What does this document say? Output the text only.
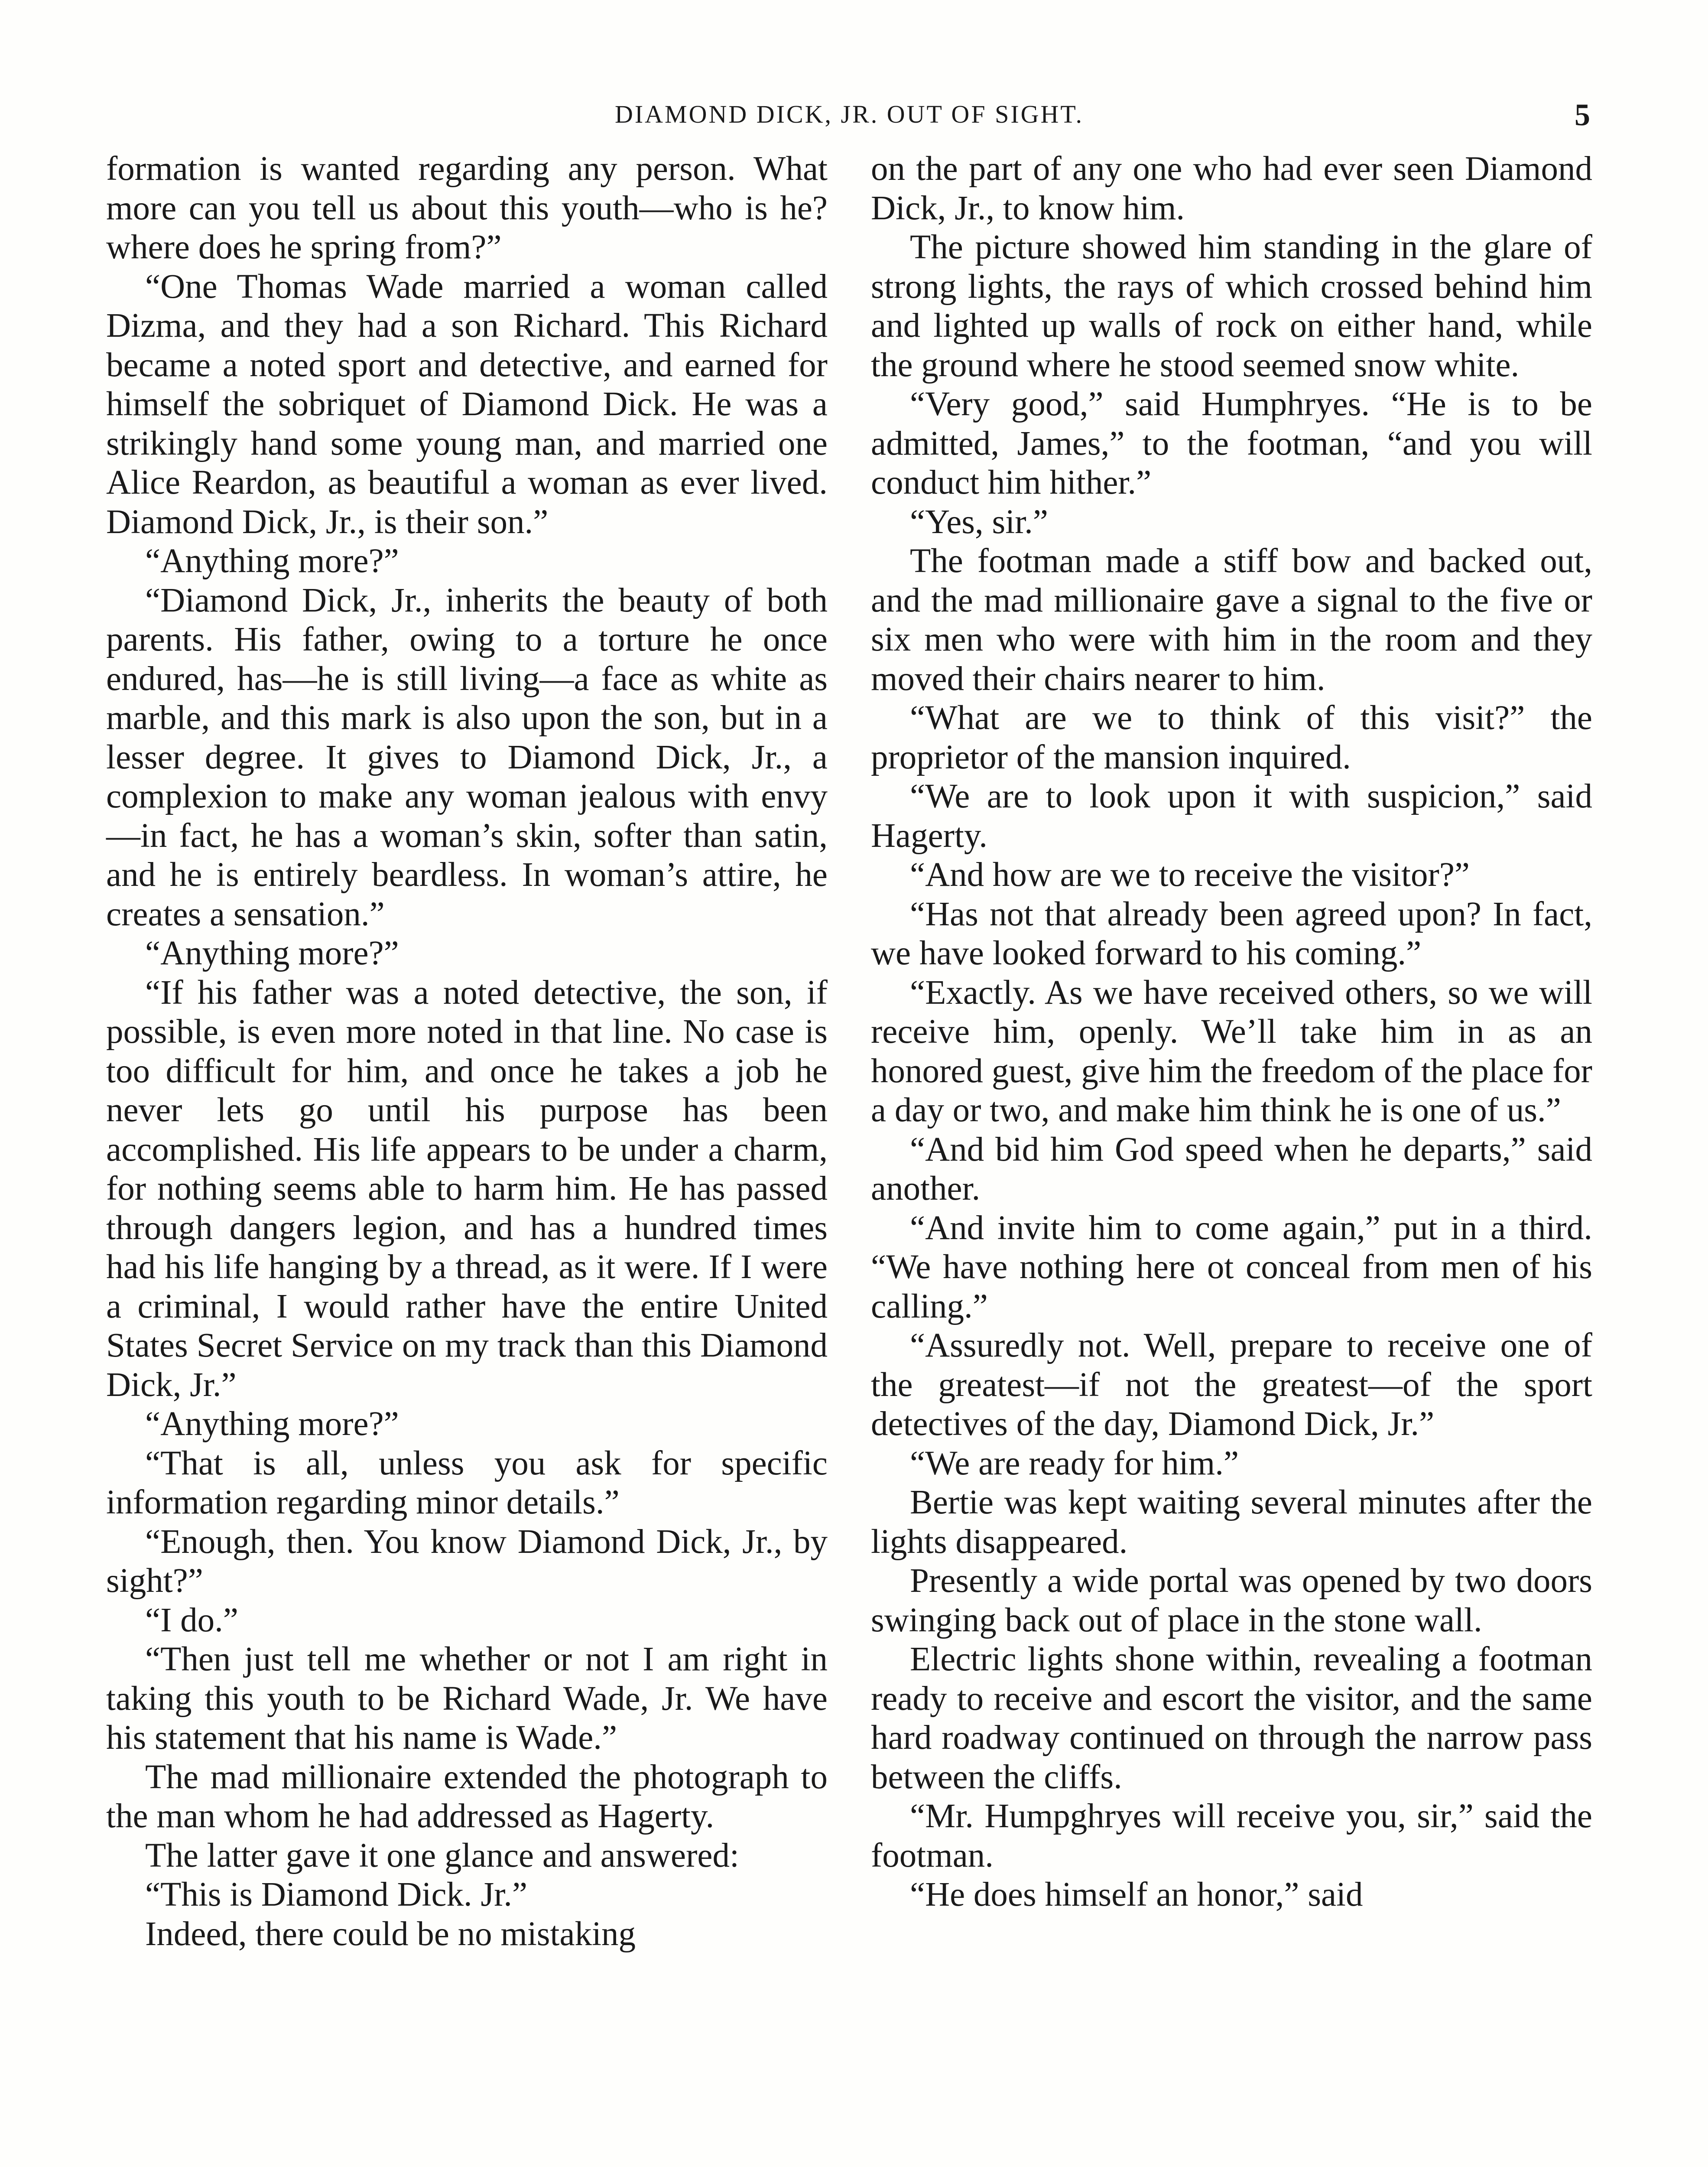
DIAMOND DICK, JR. OUT OF SIGHT.	5

formation is wanted regarding any person. What more can you tell us about this youth—who is he? where does he spring from?”

“One Thomas Wade married a woman called Dizma, and they had a son Richard. This Richard became a noted sport and detective, and earned for himself the sobriquet of Diamond Dick. He was a strikingly hand some young man, and married one Alice Reardon, as beautiful a woman as ever lived. Diamond Dick, Jr., is their son.”

“Anything more?”

“Diamond Dick, Jr., inherits the beauty of both parents. His father, owing to a torture he once endured, has—he is still living—a face as white as marble, and this mark is also upon the son, but in a lesser degree. It gives to Diamond Dick, Jr., a complexion to make any woman jealous with envy—in fact, he has a woman’s skin, softer than satin, and he is entirely beardless. In woman’s attire, he creates a sensation.”

“Anything more?”

“If his father was a noted detective, the son, if possible, is even more noted in that line. No case is too difficult for him, and once he takes a job he never lets go until his purpose has been accomplished. His life appears to be under a charm, for nothing seems able to harm him. He has passed through dangers legion, and has a hundred times had his life hanging by a thread, as it were. If I were a criminal, I would rather have the entire United States Secret Service on my track than this Diamond Dick, Jr.”

“Anything more?”

“That is all, unless you ask for specific information regarding minor details.”

“Enough, then. You know Diamond Dick, Jr., by sight?”

“I do.”

“Then just tell me whether or not I am right in taking this youth to be Richard Wade, Jr. We have his statement that his name is Wade.”

The mad millionaire extended the photograph to the man whom he had addressed as Hagerty.

The latter gave it one glance and answered:

“This is Diamond Dick. Jr.”

Indeed, there could be no mistaking

on the part of any one who had ever seen Diamond Dick, Jr., to know him.

The picture showed him standing in the glare of strong lights, the rays of which crossed behind him and lighted up walls of rock on either hand, while the ground where he stood seemed snow white.

“Very good,” said Humphryes. “He is to be admitted, James,” to the footman, “and you will conduct him hither.”

“Yes, sir.”

The footman made a stiff bow and backed out, and the mad millionaire gave a signal to the five or six men who were with him in the room and they moved their chairs nearer to him.

“What are we to think of this visit?” the proprietor of the mansion inquired.

“We are to look upon it with suspicion,” said Hagerty.

“And how are we to receive the visitor?”

“Has not that already been agreed upon? In fact, we have looked forward to his coming.”

“Exactly. As we have received others, so we will receive him, openly. We’ll take him in as an honored guest, give him the freedom of the place for a day or two, and make him think he is one of us.”

“And bid him God speed when he departs,” said another.

“And invite him to come again,” put in a third. “We have nothing here ot conceal from men of his calling.”

“Assuredly not. Well, prepare to receive one of the greatest—if not the greatest—of the sport detectives of the day, Diamond Dick, Jr.”

“We are ready for him.”

Bertie was kept waiting several minutes after the lights disappeared.

Presently a wide portal was opened by two doors swinging back out of place in the stone wall.

Electric lights shone within, revealing a footman ready to receive and escort the visitor, and the same hard roadway continued on through the narrow pass between the cliffs.

“Mr. Humpghryes will receive you, sir,” said the footman.

“He does himself an honor,” said
